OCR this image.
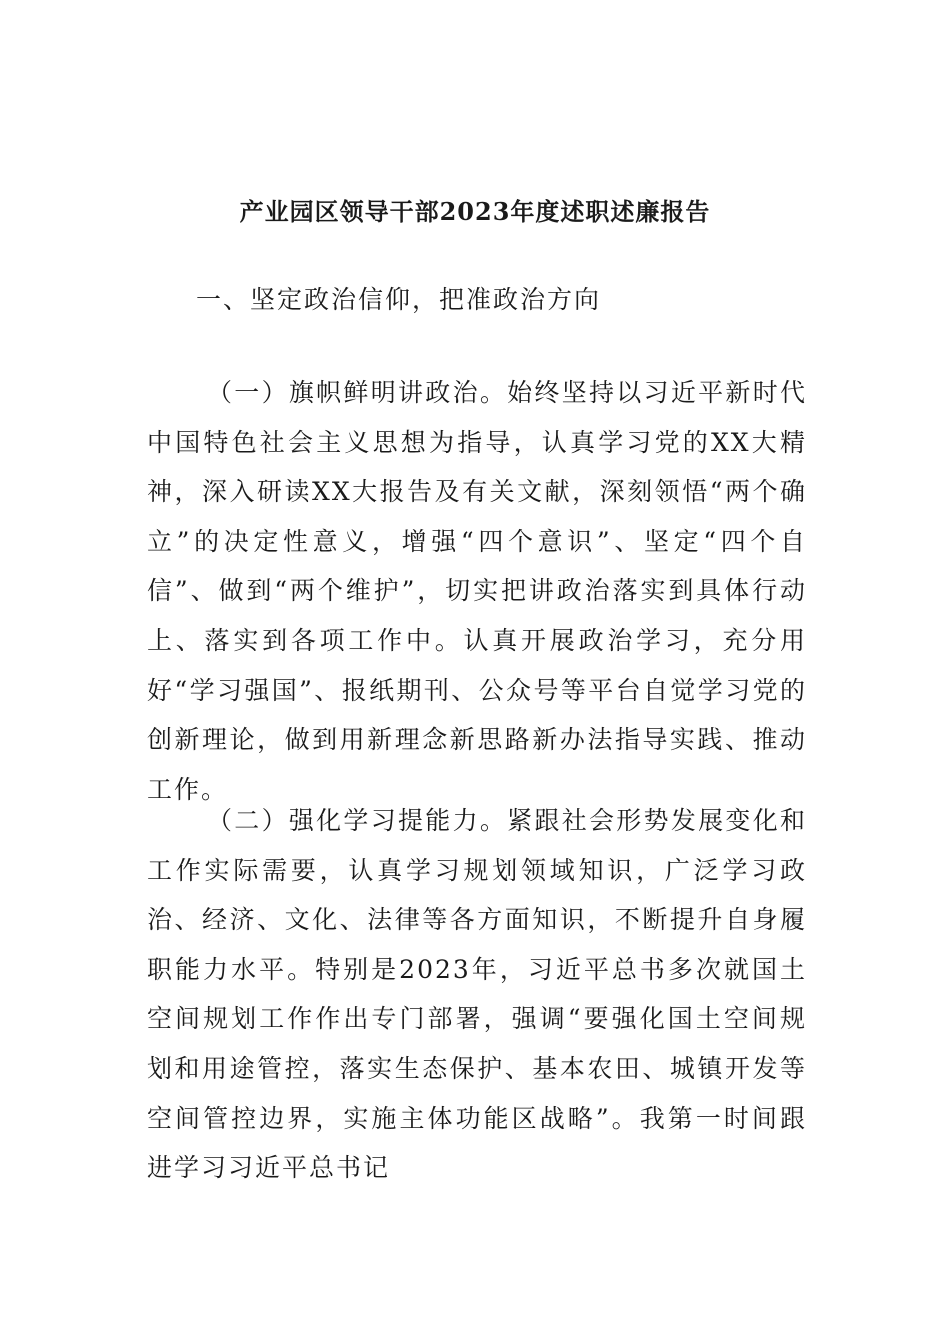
产业园区领导干部2023年度述职述廉报告
一、坚定政治信仰，把准政治方向

（一）旗帜鲜明讲政治。始终坚持以习近平新时代中国特色社会主义思想为指导，认真学习党的XX大精神，深入研读XX大报告及有关文献，深刻领悟“两个确立”的决定性意义，增强“四个意识”、坚定“四个自信”、做到“两个维护”，切实把讲政治落实到具体行动上、落实到各项工作中。认真开展政治学习，充分用好“学习强国”、报纸期刊、公众号等平台自觉学习党的创新理论，做到用新理念新思路新办法指导实践、推动工作。

（二）强化学习提能力。紧跟社会形势发展变化和工作实际需要，认真学习规划领域知识，广泛学习政治、经济、文化、法律等各方面知识，不断提升自身履职能力水平。特别是2023年，习近平总书多次就国土空间规划工作作出专门部署，强调“要强化国土空间规划和用途管控，落实生态保护、基本农田、城镇开发等空间管控边界，实施主体功能区战略”。我第一时间跟进学习习近平总书记
